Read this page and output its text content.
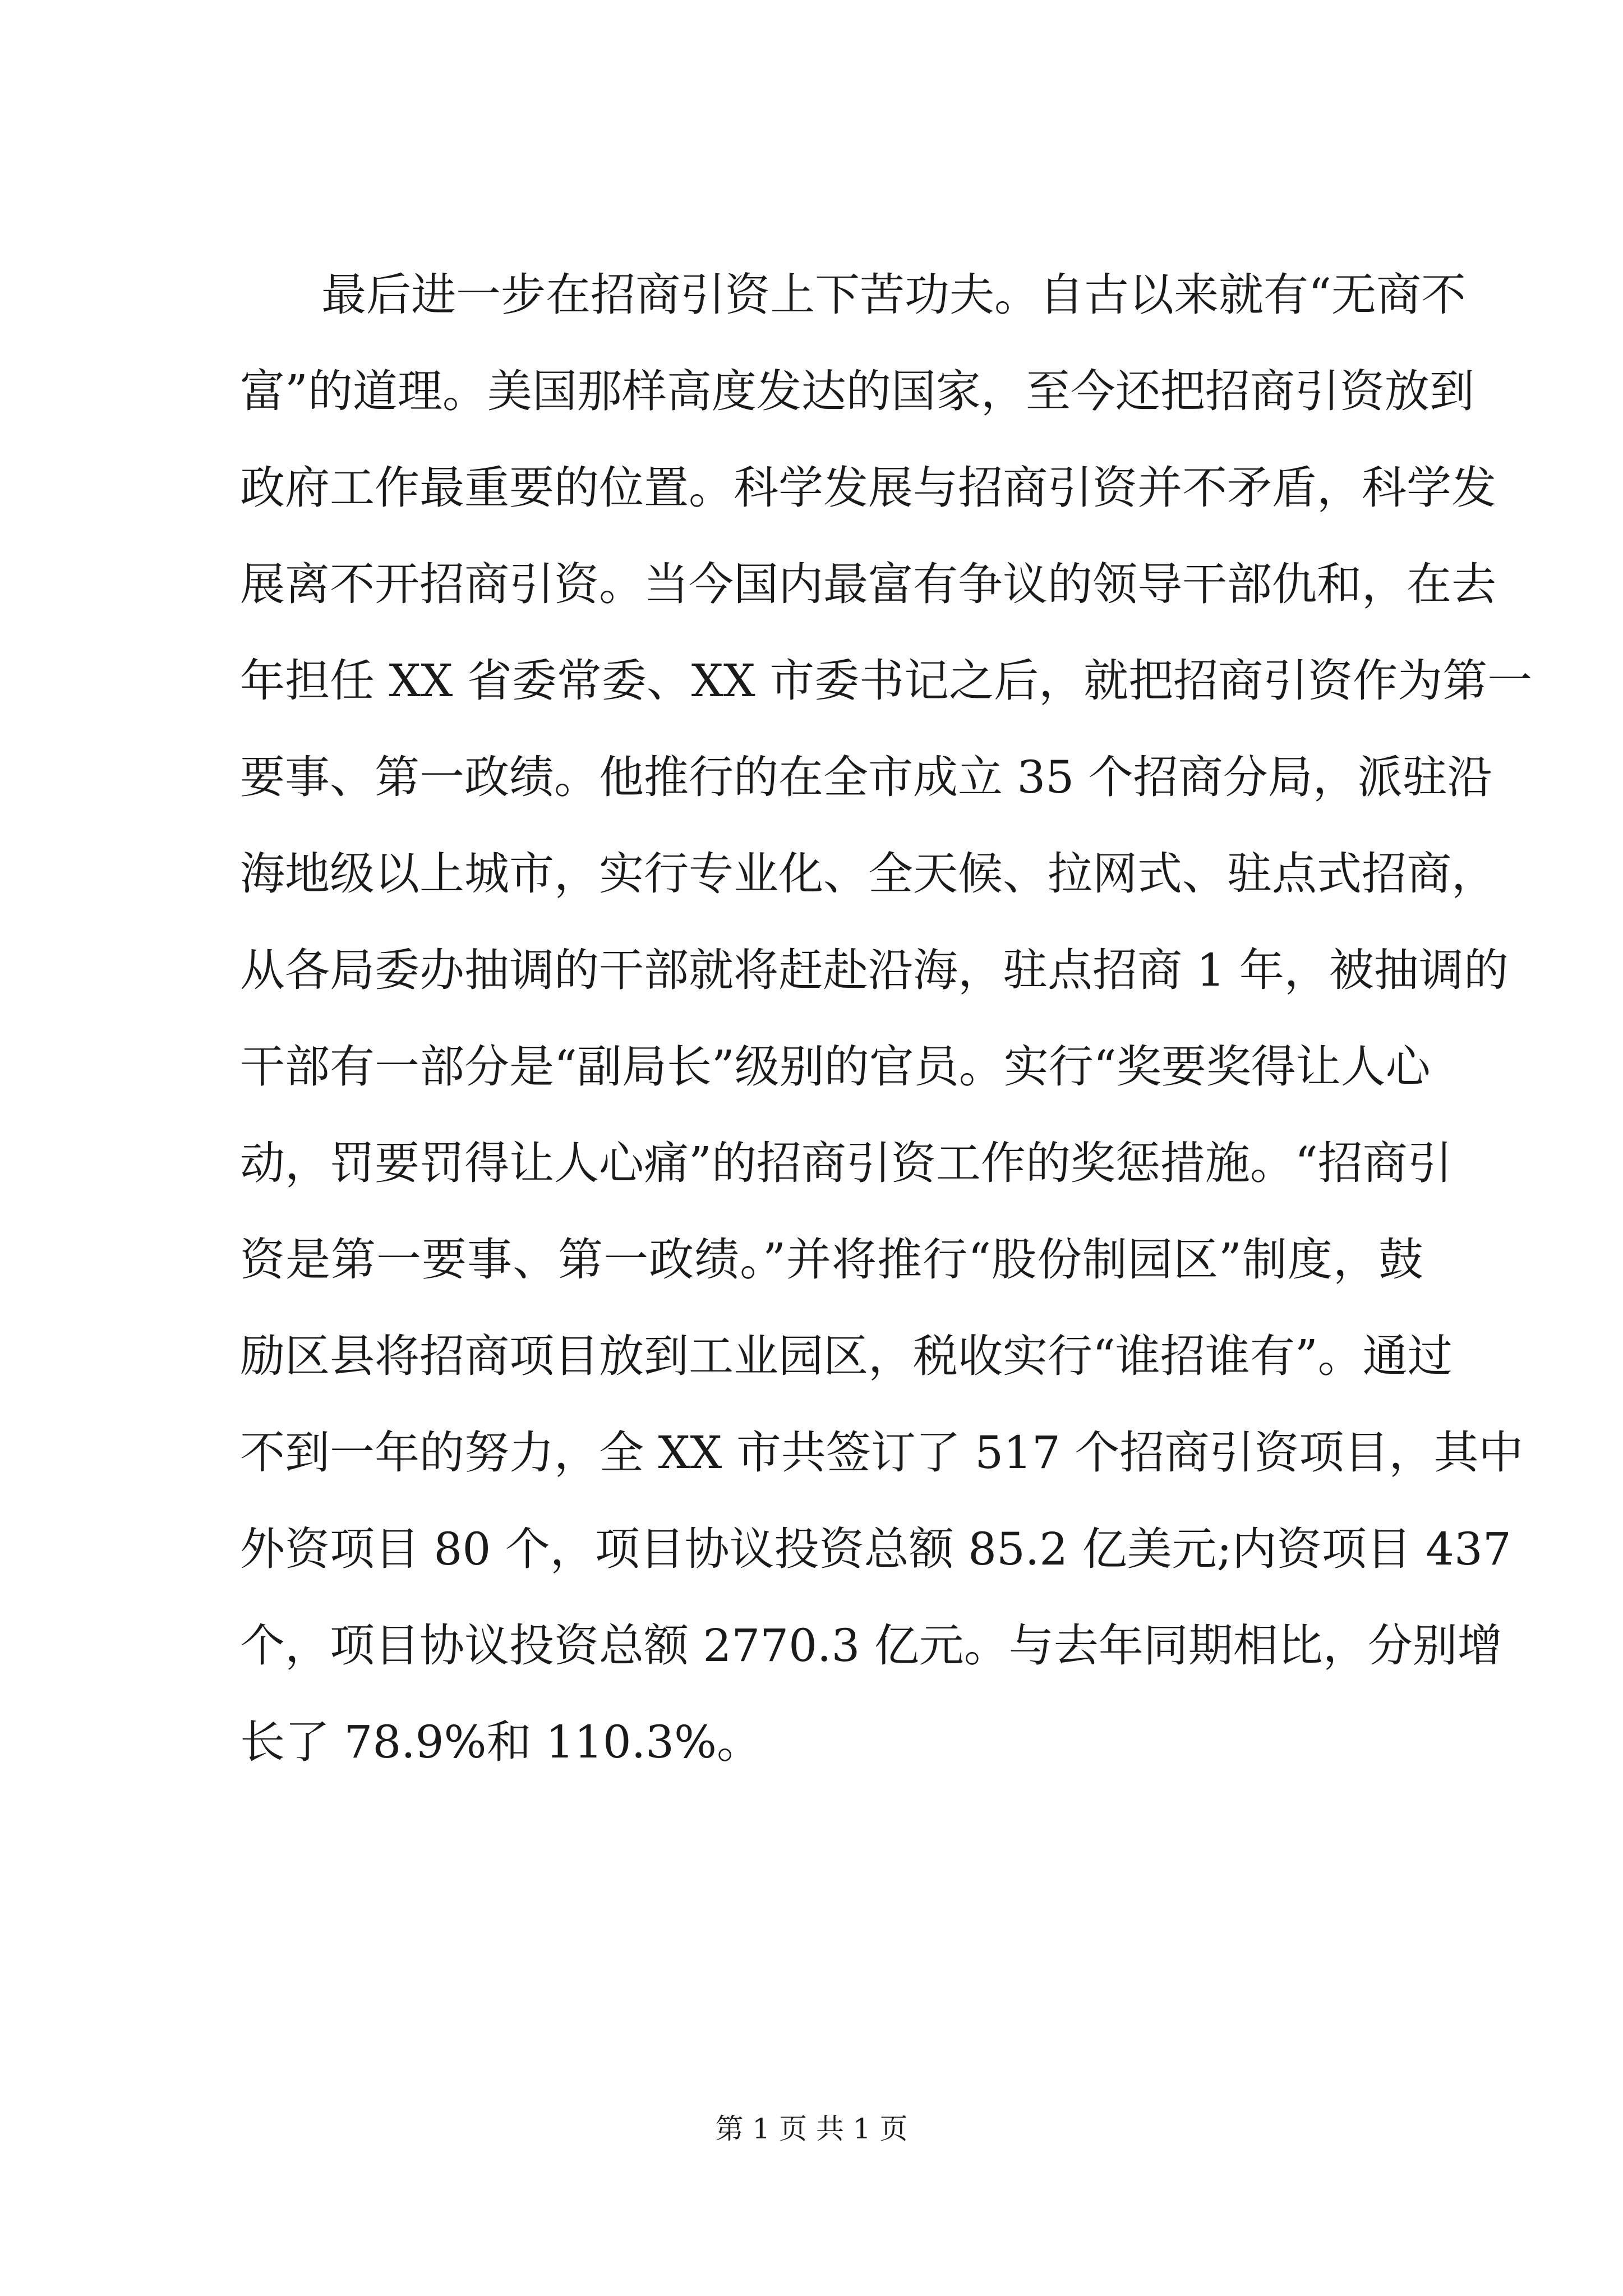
最后进一步在招商引资上下苦功夫。自古以来就有“无商不
富”的道理。美国那样高度发达的国家，至今还把招商引资放到
政府工作最重要的位置。科学发展与招商引资并不矛盾，科学发
展离不开招商引资。当今国内最富有争议的领导干部仇和，在去
年担任 XX 省委常委、XX 市委书记之后，就把招商引资作为第一
要事、第一政绩。他推行的在全市成立 35 个招商分局，派驻沿
海地级以上城市，实行专业化、全天候、拉网式、驻点式招商，
从各局委办抽调的干部就将赶赴沿海，驻点招商 1 年，被抽调的
干部有一部分是“副局长”级别的官员。实行“奖要奖得让人心
动，罚要罚得让人心痛”的招商引资工作的奖惩措施。“招商引
资是第一要事、第一政绩。”并将推行“股份制园区”制度，鼓
励区县将招商项目放到工业园区，税收实行“谁招谁有”。通过
不到一年的努力，全 XX 市共签订了 517 个招商引资项目，其中
外资项目 80 个，项目协议投资总额 85.2 亿美元;内资项目 437
个，项目协议投资总额 2770.3 亿元。与去年同期相比，分别增
长了 78.9%和 110.3%。
第 1 页 共 1 页
